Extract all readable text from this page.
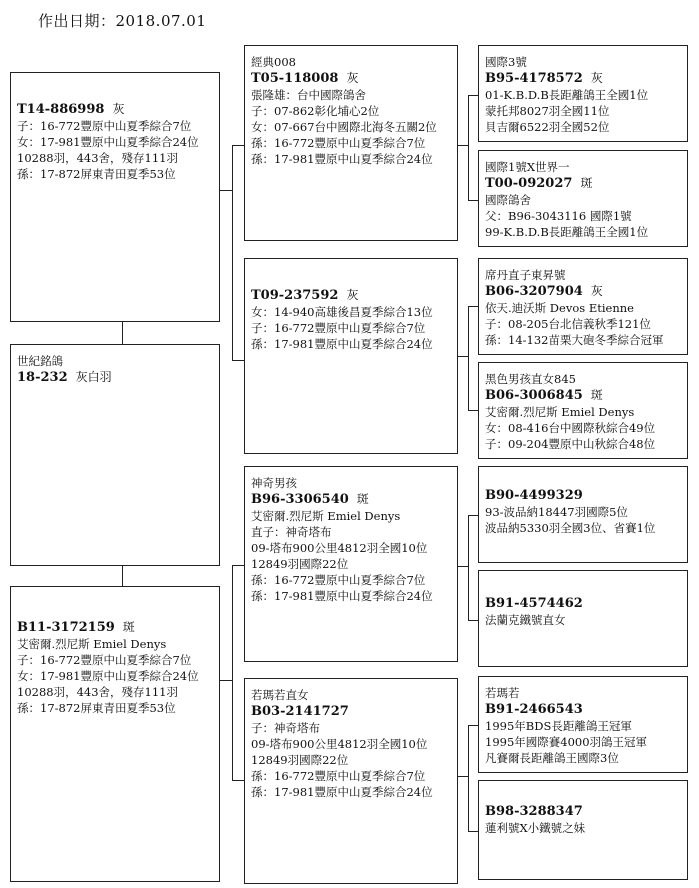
作出日期：2018.07.01
T14-886998 灰
子：16-772豐原中山夏季綜合7位
女：17-981豐原中山夏季綜合24位
10288羽，443舍，殘存111羽
孫：17-872屏東青田夏季53位
世紀銘鴿
18-232 灰白羽
B11-3172159 斑
艾密爾.烈尼斯 Emiel Denys
子：16-772豐原中山夏季綜合7位
女：17-981豐原中山夏季綜合24位
10288羽，443舍，殘存111羽
孫：17-872屏東青田夏季53位
經典008
T05-118008 灰
張隆雄：台中國際鴿舍
子：07-862彰化埔心2位
女：07-667台中國際北海冬五關2位
孫：16-772豐原中山夏季綜合7位
孫：17-981豐原中山夏季綜合24位
T09-237592 灰
女：14-940高雄後昌夏季綜合13位
子：16-772豐原中山夏季綜合7位
孫：17-981豐原中山夏季綜合24位
神奇男孩
B96-3306540 斑
艾密爾.烈尼斯 Emiel Denys
直子：神奇塔布
09-塔布900公里4812羽全國10位
12849羽國際22位
孫：16-772豐原中山夏季綜合7位
孫：17-981豐原中山夏季綜合24位
若瑪若直女
B03-2141727
子：神奇塔布
09-塔布900公里4812羽全國10位
12849羽國際22位
孫：16-772豐原中山夏季綜合7位
孫：17-981豐原中山夏季綜合24位
國際3號
B95-4178572 灰
01-K.B.D.B長距離鴿王全國1位
蒙托邦8027羽全國11位
貝吉爾6522羽全國52位
國際1號X世界一
T00-092027 斑
國際鴿舍
父：B96-3043116 國際1號
99-K.B.D.B長距離鴿王全國1位
席丹直子東昇號
B06-3207904 灰
依天.迪沃斯 Devos Etienne
子：08-205台北信義秋季121位
孫：14-132苗栗大砲冬季綜合冠軍
黑色男孩直女845
B06-3006845 斑
艾密爾.烈尼斯 Emiel Denys
女：08-416台中國際秋綜合49位
子：09-204豐原中山秋綜合48位
B90-4499329
93-波品納18447羽國際5位
波品納5330羽全國3位、省賽1位
B91-4574462
法蘭克鐵號直女
若瑪若
B91-2466543
1995年BDS長距離鴿王冠軍
1995年國際賽4000羽鴿王冠軍
凡賽爾長距離鴿王國際3位
B98-3288347
蓮利號X小鐵號之妹
